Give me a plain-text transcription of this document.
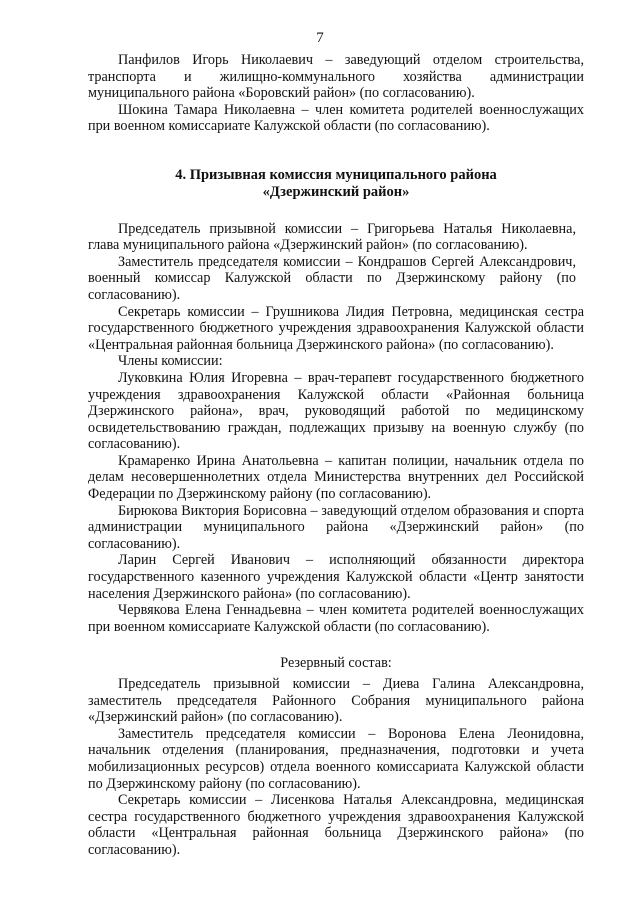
7

Панфилов Игорь Николаевич – заведующий отделом строительства, транспорта и жилищно-коммунального хозяйства администрации муниципального района «Боровский район» (по согласованию).

Шокина Тамара Николаевна – член комитета родителей военнослужащих при военном комиссариате Калужской области (по согласованию).

4. Призывная комиссия муниципального района
«Дзержинский район»

Председатель призывной комиссии – Григорьева Наталья Николаевна, глава муниципального района «Дзержинский район» (по согласованию).

Заместитель председателя комиссии – Кондрашов Сергей Александрович, военный комиссар Калужской области по Дзержинскому району (по согласованию).

Секретарь комиссии – Грушникова Лидия Петровна, медицинская сестра государственного бюджетного учреждения здравоохранения Калужской области «Центральная районная больница Дзержинского района» (по согласованию).

Члены комиссии:

Луковкина Юлия Игоревна – врач-терапевт государственного бюджетного учреждения здравоохранения Калужской области «Районная больница Дзержинского района», врач, руководящий работой по медицинскому освидетельствованию граждан, подлежащих призыву на военную службу (по согласованию).

Крамаренко Ирина Анатольевна – капитан полиции, начальник отдела по делам несовершеннолетних отдела Министерства внутренних дел Российской Федерации по Дзержинскому району (по согласованию).

Бирюкова Виктория Борисовна – заведующий отделом образования и спорта администрации муниципального района «Дзержинский район» (по согласованию).

Ларин Сергей Иванович – исполняющий обязанности директора государственного казенного учреждения Калужской области «Центр занятости населения Дзержинского района» (по согласованию).

Червякова Елена Геннадьевна – член комитета родителей военнослужащих при военном комиссариате Калужской области (по согласованию).

Резервный состав:

Председатель призывной комиссии – Диева Галина Александровна, заместитель председателя Районного Собрания муниципального района «Дзержинский район» (по согласованию).

Заместитель председателя комиссии – Воронова Елена Леонидовна, начальник отделения (планирования, предназначения, подготовки и учета мобилизационных ресурсов) отдела военного комиссариата Калужской области по Дзержинскому району (по согласованию).

Секретарь комиссии – Лисенкова Наталья Александровна, медицинская сестра государственного бюджетного учреждения здравоохранения Калужской области «Центральная районная больница Дзержинского района» (по согласованию).
